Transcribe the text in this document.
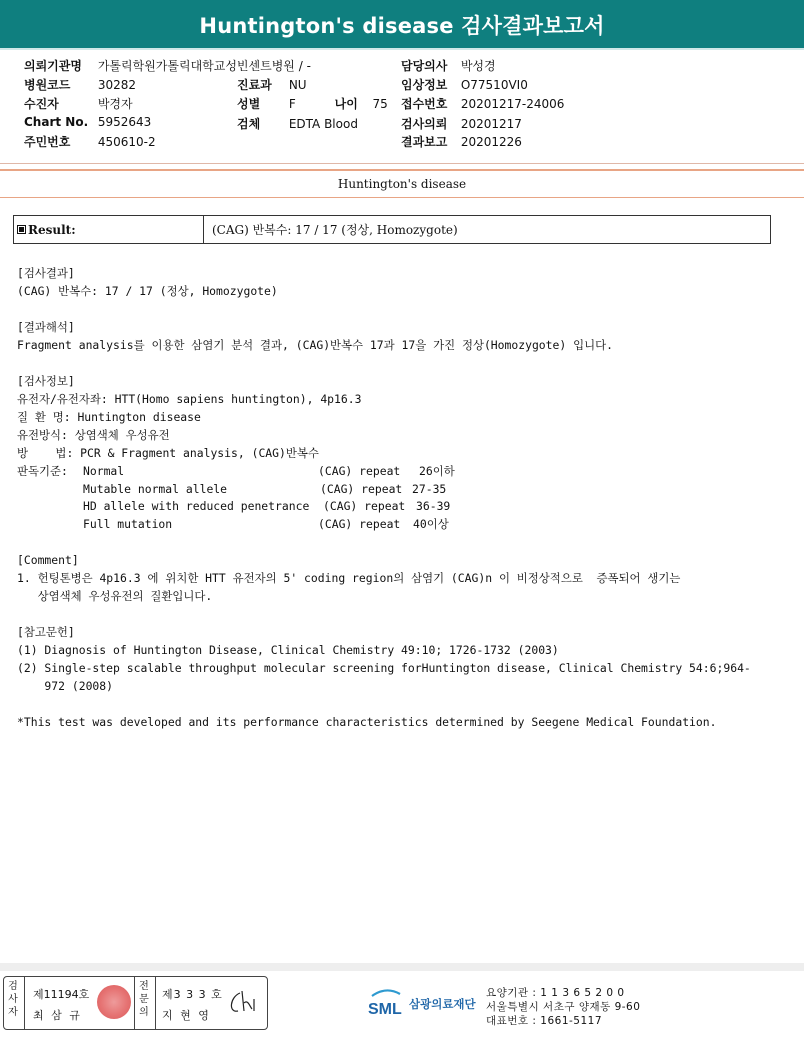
Huntington's disease 검사결과보고서
의뢰기관명 가톨릭학원가톨릭대학교성빈센트병원 / -
병원코드 30282
수진자	박경자
Chart No. 5952643
주민번호 450610-2
진료과 NU
성별 F	나이 75
검체 EDTA Blood
담당의사 박성경
임상정보 O77510VI0
접수번호 20201217-24006
검사의뢰 20201217
결과보고 20201226
Huntington's disease
Result:	(CAG) 반복수: 17 / 17 (정상, Homozygote)
[검사결과]
(CAG) 반복수: 17 / 17 (정상, Homozygote)
[결과해석]
Fragment analysis를 이용한 삼염기 분석 결과, (CAG)반복수 17과 17을 가진 정상(Homozygote) 입니다.
[검사정보]
유전자/유전자좌: HTT(Homo sapiens huntington), 4p16.3
질 환 명: Huntington disease
유전방식: 상염색체 우성유전
방    법: PCR & Fragment analysis, (CAG)반복수
판독기준: Normal	(CAG) repeat 26이하
Mutable normal allele	(CAG) repeat 27-35
HD allele with reduced penetrance (CAG) repeat 36-39
Full mutation	(CAG) repeat 40이상
[Comment]
1. 헌팅톤병은 4p16.3 에 위치한 HTT 유전자의 5' coding region의 삼염기 (CAG)n 이 비정상적으로  증폭되어 생기는
상염색체 우성유전의 질환입니다.
[참고문헌]
(1) Diagnosis of Huntington Disease, Clinical Chemistry 49:10; 1726-1732 (2003)
(2) Single-step scalable throughput molecular screening forHuntington disease, Clinical Chemistry 54:6;964-
972 (2008)
*This test was developed and its performance characteristics determined by Seegene Medical Foundation.
검
사
자
제11194호
최 삼 규
전
문
의
제3 3 3 호
지 현 영	SML 삼광의료재단
요양기관 : 1 1 3 6 5 2 0 0
서울특별시 서초구 양재동 9-60
대표번호 : 1661-5117
